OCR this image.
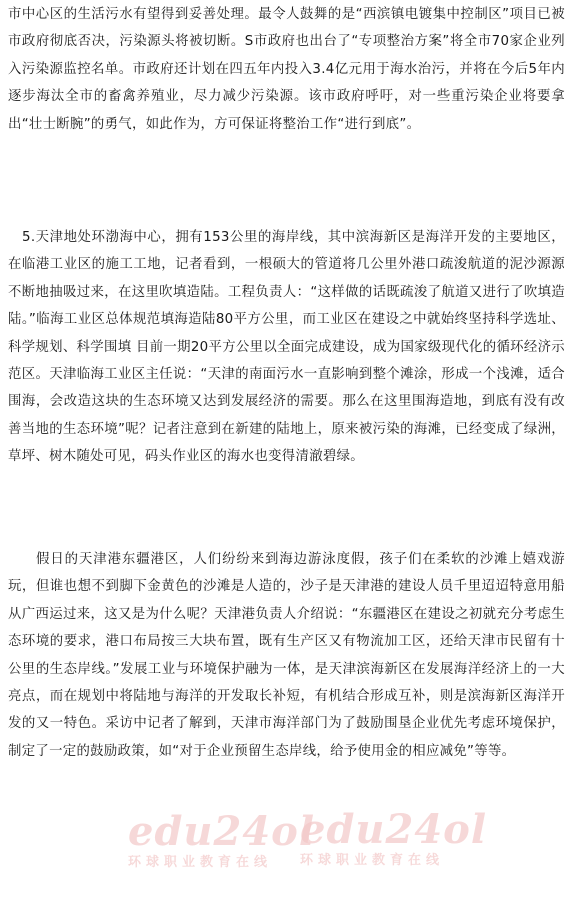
edu24ol
环球职业教育在线
edu24ol
环球职业教育在线

市中心区的生活污水有望得到妥善处理。最令人鼓舞的是“西滨镇电镀集中控制区”项目已被市政府彻底否决，污染源头将被切断。S市政府也出台了“专项整治方案”将全市70家企业列入污染源监控名单。市政府还计划在四五年内投入3.4亿元用于海水治污，并将在今后5年内逐步海汰全市的畜禽养殖业，尽力减少污染源。该市政府呼吁，对一些重污染企业将要拿出“壮士断腕”的勇气，如此作为，方可保证将整治工作“进行到底”。

5.天津地处环渤海中心，拥有153公里的海岸线，其中滨海新区是海洋开发的主要地区，在临港工业区的施工工地，记者看到，一根硕大的管道将几公里外港口疏浚航道的泥沙源源不断地抽吸过来，在这里吹填造陆。工程负责人：“这样做的话既疏浚了航道又进行了吹填造陆。”临海工业区总体规范填海造陆80平方公里，而工业区在建设之中就始终坚持科学选址、科学规划、科学围填 目前一期20平方公里以全面完成建设，成为国家级现代化的循环经济示范区。天津临海工业区主任说：“天津的南面污水一直影响到整个滩涂，形成一个浅滩，适合围海，会改造这块的生态环境又达到发展经济的需要。那么在这里围海造地，到底有没有改善当地的生态环境”呢？记者注意到在新建的陆地上，原来被污染的海滩，已经变成了绿洲，草坪、树木随处可见，码头作业区的海水也变得清澈碧绿。

假日的天津港东疆港区，人们纷纷来到海边游泳度假，孩子们在柔软的沙滩上嬉戏游玩，但谁也想不到脚下金黄色的沙滩是人造的，沙子是天津港的建设人员千里迢迢特意用船从广西运过来，这又是为什么呢？天津港负责人介绍说：“东疆港区在建设之初就充分考虑生态环境的要求，港口布局按三大块布置，既有生产区又有物流加工区，还给天津市民留有十公里的生态岸线。”发展工业与环境保护融为一体，是天津滨海新区在发展海洋经济上的一大亮点，而在规划中将陆地与海洋的开发取长补短，有机结合形成互补，则是滨海新区海洋开发的又一特色。采访中记者了解到，天津市海洋部门为了鼓励围垦企业优先考虑环境保护，制定了一定的鼓励政策，如“对于企业预留生态岸线，给予使用金的相应减免”等等。
